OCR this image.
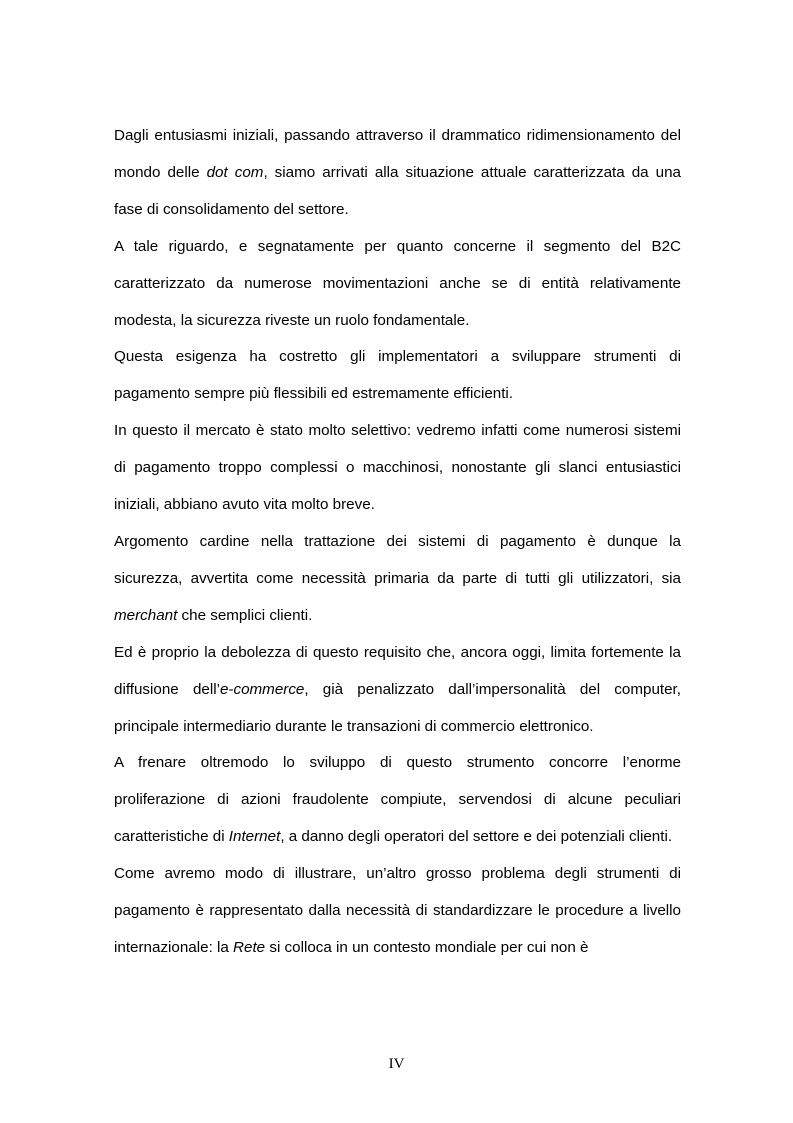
Dagli entusiasmi iniziali, passando attraverso il drammatico ridimensionamento del mondo delle dot com, siamo arrivati alla situazione attuale caratterizzata da una fase di consolidamento del settore.

A tale riguardo, e segnatamente per quanto concerne il segmento del B2C caratterizzato da numerose movimentazioni anche se di entità relativamente modesta, la sicurezza riveste un ruolo fondamentale.

Questa esigenza ha costretto gli implementatori a sviluppare strumenti di pagamento sempre più flessibili ed estremamente efficienti.

In questo il mercato è stato molto selettivo: vedremo infatti come numerosi sistemi di pagamento troppo complessi o macchinosi, nonostante gli slanci entusiastici iniziali, abbiano avuto vita molto breve.

Argomento cardine nella trattazione dei sistemi di pagamento è dunque la sicurezza, avvertita come necessità primaria da parte di tutti gli utilizzatori, sia merchant che semplici clienti.

Ed è proprio la debolezza di questo requisito che, ancora oggi, limita fortemente la diffusione dell’e-commerce, già penalizzato dall’impersonalità del computer, principale intermediario durante le transazioni di commercio elettronico.

A frenare oltremodo lo sviluppo di questo strumento concorre l’enorme proliferazione di azioni fraudolente compiute, servendosi di alcune peculiari caratteristiche di Internet, a danno degli operatori del settore e dei potenziali clienti.

Come avremo modo di illustrare, un’altro grosso problema degli strumenti di pagamento è rappresentato dalla necessità di standardizzare le procedure a livello internazionale: la Rete si colloca in un contesto mondiale per cui non è

IV
